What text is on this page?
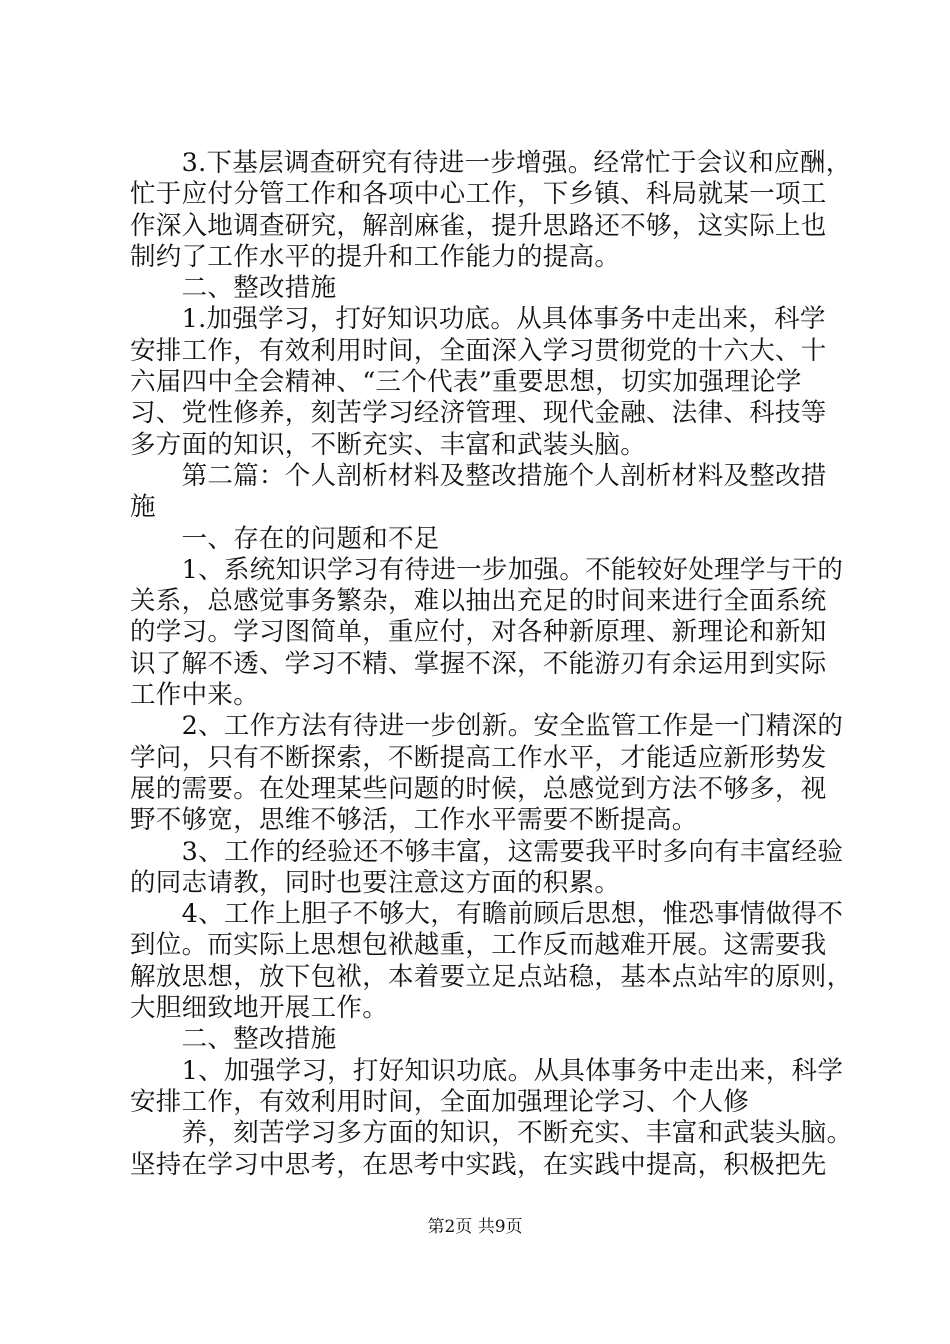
　　3.下基层调查研究有待进一步增强。经常忙于会议和应酬，

忙于应付分管工作和各项中心工作，下乡镇、科局就某一项工

作深入地调查研究，解剖麻雀，提升思路还不够，这实际上也

制约了工作水平的提升和工作能力的提高。

　　二、整改措施

　　1.加强学习，打好知识功底。从具体事务中走出来，科学

安排工作，有效利用时间，全面深入学习贯彻党的十六大、十

六届四中全会精神、“三个代表”重要思想，切实加强理论学

习、党性修养，刻苦学习经济管理、现代金融、法律、科技等

多方面的知识，不断充实、丰富和武装头脑。

　　第二篇：个人剖析材料及整改措施个人剖析材料及整改措

施

　　一、存在的问题和不足

　　1、系统知识学习有待进一步加强。不能较好处理学与干的

关系，总感觉事务繁杂，难以抽出充足的时间来进行全面系统

的学习。学习图简单，重应付，对各种新原理、新理论和新知

识了解不透、学习不精、掌握不深，不能游刃有余运用到实际

工作中来。

　　2、工作方法有待进一步创新。安全监管工作是一门精深的

学问，只有不断探索，不断提高工作水平，才能适应新形势发

展的需要。在处理某些问题的时候，总感觉到方法不够多，视

野不够宽，思维不够活，工作水平需要不断提高。

　　3、工作的经验还不够丰富，这需要我平时多向有丰富经验

的同志请教，同时也要注意这方面的积累。

　　4、工作上胆子不够大，有瞻前顾后思想，惟恐事情做得不

到位。而实际上思想包袱越重，工作反而越难开展。这需要我

解放思想，放下包袱，本着要立足点站稳，基本点站牢的原则，

大胆细致地开展工作。

　　二、整改措施

　　1、加强学习，打好知识功底。从具体事务中走出来，科学

安排工作，有效利用时间，全面加强理论学习、个人修

　　养，刻苦学习多方面的知识，不断充实、丰富和武装头脑。

坚持在学习中思考，在思考中实践，在实践中提高，积极把先

第2页 共9页
